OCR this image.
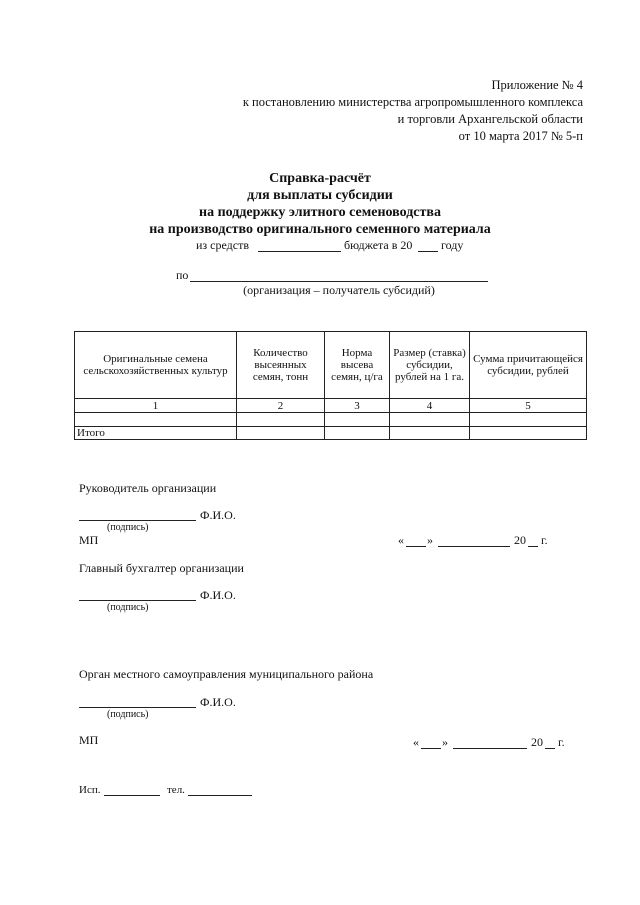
Приложение № 4
к постановлению министерства агропромышленного комплекса
и торговли Архангельской области
от 10 марта 2017 № 5-п
Справка-расчёт
для выплаты субсидии
на поддержку элитного семеноводства
на производство оригинального семенного материала
из средств	бюджета в 20 году
по
(организация – получатель субсидий)
Оригинальные семена сельскохозяйственных культур	Количество высеянных семян, тонн	Норма высева семян, ц/га	Размер (ставка) субсидии, рублей на 1 га.	Сумма причитающейся субсидии, рублей
1	2	3	4	5

Итого				
Руководитель организации
Ф.И.О.
(подпись)
МП	« »	20 г.
Главный бухгалтер организации
Ф.И.О.
(подпись)
Орган местного самоуправления муниципального района
Ф.И.О.
(подпись)
МП	« »	20 г.
Исп.	тел.
